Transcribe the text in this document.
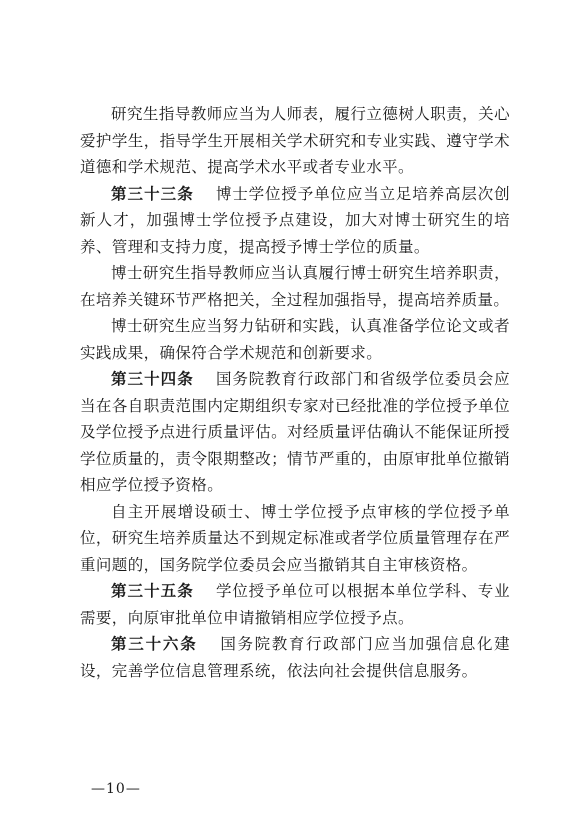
研究生指导教师应当为人师表，履行立德树人职责，关心爱护学生，指导学生开展相关学术研究和专业实践、遵守学术道德和学术规范、提高学术水平或者专业水平。

第三十三条 博士学位授予单位应当立足培养高层次创新人才，加强博士学位授予点建设，加大对博士研究生的培养、管理和支持力度，提高授予博士学位的质量。

博士研究生指导教师应当认真履行博士研究生培养职责，在培养关键环节严格把关，全过程加强指导，提高培养质量。

博士研究生应当努力钻研和实践，认真准备学位论文或者实践成果，确保符合学术规范和创新要求。

第三十四条 国务院教育行政部门和省级学位委员会应当在各自职责范围内定期组织专家对已经批准的学位授予单位及学位授予点进行质量评估。对经质量评估确认不能保证所授学位质量的，责令限期整改；情节严重的，由原审批单位撤销相应学位授予资格。

自主开展增设硕士、博士学位授予点审核的学位授予单位，研究生培养质量达不到规定标准或者学位质量管理存在严重问题的，国务院学位委员会应当撤销其自主审核资格。

第三十五条 学位授予单位可以根据本单位学科、专业需要，向原审批单位申请撤销相应学位授予点。

第三十六条 国务院教育行政部门应当加强信息化建设，完善学位信息管理系统，依法向社会提供信息服务。

—10—
